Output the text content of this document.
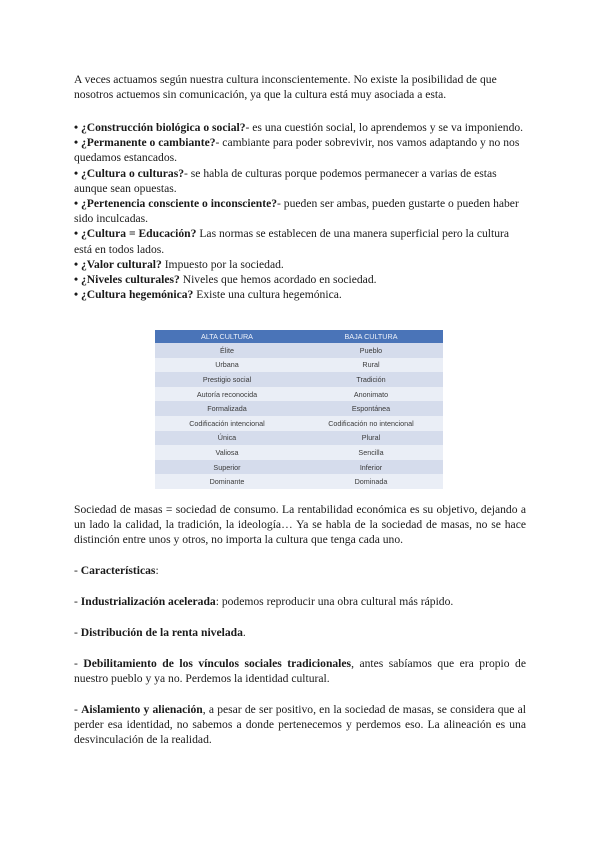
A veces actuamos según nuestra cultura inconscientemente. No existe la posibilidad de que nosotros actuemos sin comunicación, ya que la cultura está muy asociada a esta.

• ¿Construcción biológica o social?- es una cuestión social, lo aprendemos y se va imponiendo.

• ¿Permanente o cambiante?- cambiante para poder sobrevivir, nos vamos adaptando y no nos quedamos estancados.

• ¿Cultura o culturas?- se habla de culturas porque podemos permanecer a varias de estas aunque sean opuestas.

• ¿Pertenencia consciente o inconsciente?- pueden ser ambas, pueden gustarte o pueden haber sido inculcadas.

• ¿Cultura = Educación? Las normas se establecen de una manera superficial pero la cultura está en todos lados.

• ¿Valor cultural? Impuesto por la sociedad.

• ¿Niveles culturales? Niveles que hemos acordado en sociedad.

• ¿Cultura hegemónica? Existe una cultura hegemónica.

ALTA CULTURA	BAJA CULTURA
Élite	Pueblo
Urbana	Rural
Prestigio social	Tradición
Autoría reconocida	Anonimato
Formalizada	Espontánea
Codificación intencional	Codificación no intencional
Única	Plural
Valiosa	Sencilla
Superior	Inferior
Dominante	Dominada

Sociedad de masas = sociedad de consumo. La rentabilidad económica es su objetivo, dejando a un lado la calidad, la tradición, la ideología… Ya se habla de la sociedad de masas, no se hace distinción entre unos y otros, no importa la cultura que tenga cada uno.

- Características:

- Industrialización acelerada: podemos reproducir una obra cultural más rápido.

- Distribución de la renta nivelada.

- Debilitamiento de los vínculos sociales tradicionales, antes sabíamos que era propio de nuestro pueblo y ya no. Perdemos la identidad cultural.

- Aislamiento y alienación, a pesar de ser positivo, en la sociedad de masas, se considera que al perder esa identidad, no sabemos a donde pertenecemos y perdemos eso. La alineación es una desvinculación de la realidad.
